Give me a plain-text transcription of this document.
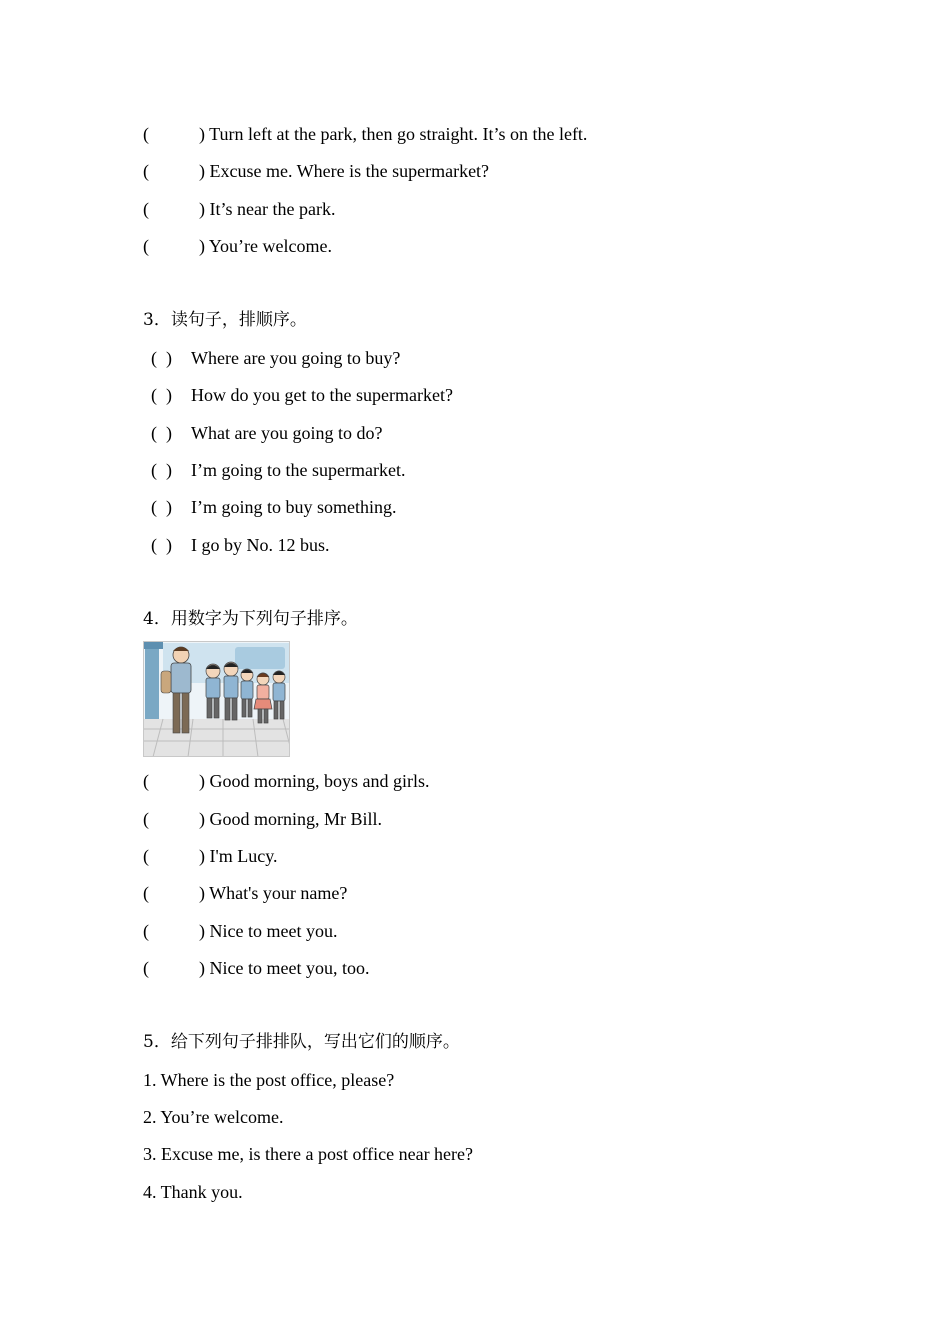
(	) Turn left at the park, then go straight. It’s on the left.
(	) Excuse me. Where is the supermarket?
(	) It’s near the park.
(	) You’re welcome.
3．读句子，排顺序。
(  ) Where are you going to buy?
(  ) How do you get to the supermarket?
(  ) What are you going to do?
(  ) I’m going to the supermarket.
(  ) I’m going to buy something.
(  ) I go by No. 12 bus.
4．用数字为下列句子排序。
(	) Good morning, boys and girls.
(	) Good morning, Mr Bill.
(	) I'm Lucy.
(	) What's your name?
(	) Nice to meet you.
(	) Nice to meet you, too.
5．给下列句子排排队，写出它们的顺序。
1. Where is the post office, please?
2. You’re welcome.
3. Excuse me, is there a post office near here?
4. Thank you.
